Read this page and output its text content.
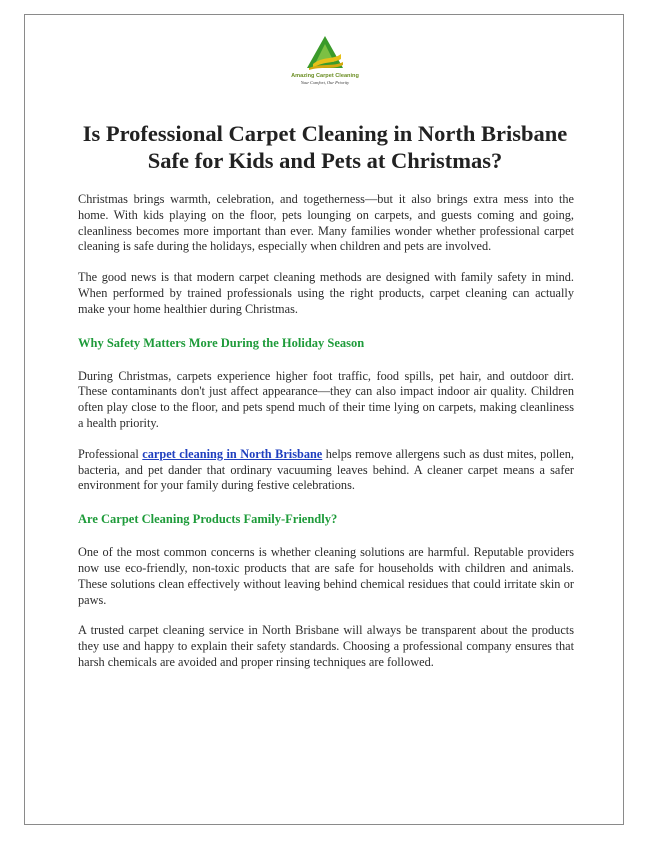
Amazing Carpet Cleaning
Your Comfort, Our Priority
Is Professional Carpet Cleaning in North Brisbane Safe for Kids and Pets at Christmas?

Christmas brings warmth, celebration, and togetherness—but it also brings extra mess into the home. With kids playing on the floor, pets lounging on carpets, and guests coming and going, cleanliness becomes more important than ever. Many families wonder whether professional carpet cleaning is safe during the holidays, especially when children and pets are involved.

The good news is that modern carpet cleaning methods are designed with family safety in mind. When performed by trained professionals using the right products, carpet cleaning can actually make your home healthier during Christmas.

Why Safety Matters More During the Holiday Season

During Christmas, carpets experience higher foot traffic, food spills, pet hair, and outdoor dirt. These contaminants don't just affect appearance—they can also impact indoor air quality. Children often play close to the floor, and pets spend much of their time lying on carpets, making cleanliness a health priority.

Professional carpet cleaning in North Brisbane helps remove allergens such as dust mites, pollen, bacteria, and pet dander that ordinary vacuuming leaves behind. A cleaner carpet means a safer environment for your family during festive celebrations.

Are Carpet Cleaning Products Family-Friendly?

One of the most common concerns is whether cleaning solutions are harmful. Reputable providers now use eco-friendly, non-toxic products that are safe for households with children and animals. These solutions clean effectively without leaving behind chemical residues that could irritate skin or paws.

A trusted carpet cleaning service in North Brisbane will always be transparent about the products they use and happy to explain their safety standards. Choosing a professional company ensures that harsh chemicals are avoided and proper rinsing techniques are followed.
